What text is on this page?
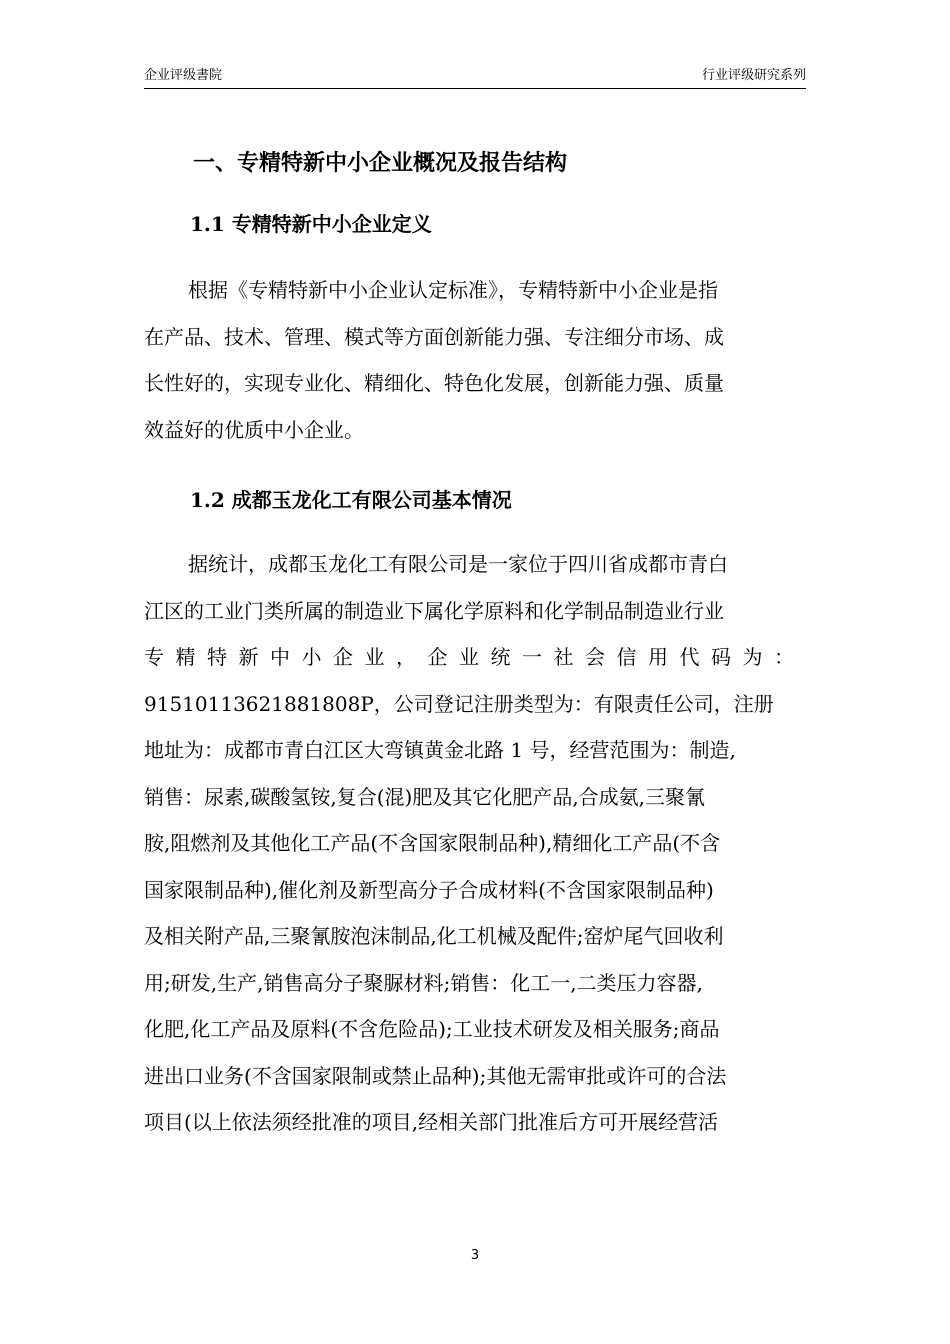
企业评级書院	行业评级研究系列
一、专精特新中小企业概况及报告结构
1.1 专精特新中小企业定义
根据《专精特新中小企业认定标准》，专精特新中小企业是指
在产品、技术、管理、模式等方面创新能力强、专注细分市场、成
长性好的，实现专业化、精细化、特色化发展，创新能力强、质量
效益好的优质中小企业。
1.2 成都玉龙化工有限公司基本情况
据统计，成都玉龙化工有限公司是一家位于四川省成都市青白
江区的工业门类所属的制造业下属化学原料和化学制品制造业行业
专精特新中小企业，企业统一社会信用代码为：
91510113621881808P，公司登记注册类型为：有限责任公司，注册
地址为：成都市青白江区大弯镇黄金北路 1 号，经营范围为：制造,
销售：尿素,碳酸氢铵,复合(混)肥及其它化肥产品,合成氨,三聚氰
胺,阻燃剂及其他化工产品(不含国家限制品种),精细化工产品(不含
国家限制品种),催化剂及新型高分子合成材料(不含国家限制品种)
及相关附产品,三聚氰胺泡沫制品,化工机械及配件;窑炉尾气回收利
用;研发,生产,销售高分子聚脲材料;销售：化工一,二类压力容器,
化肥,化工产品及原料(不含危险品);工业技术研发及相关服务;商品
进出口业务(不含国家限制或禁止品种);其他无需审批或许可的合法
项目(以上依法须经批准的项目,经相关部门批准后方可开展经营活
3
